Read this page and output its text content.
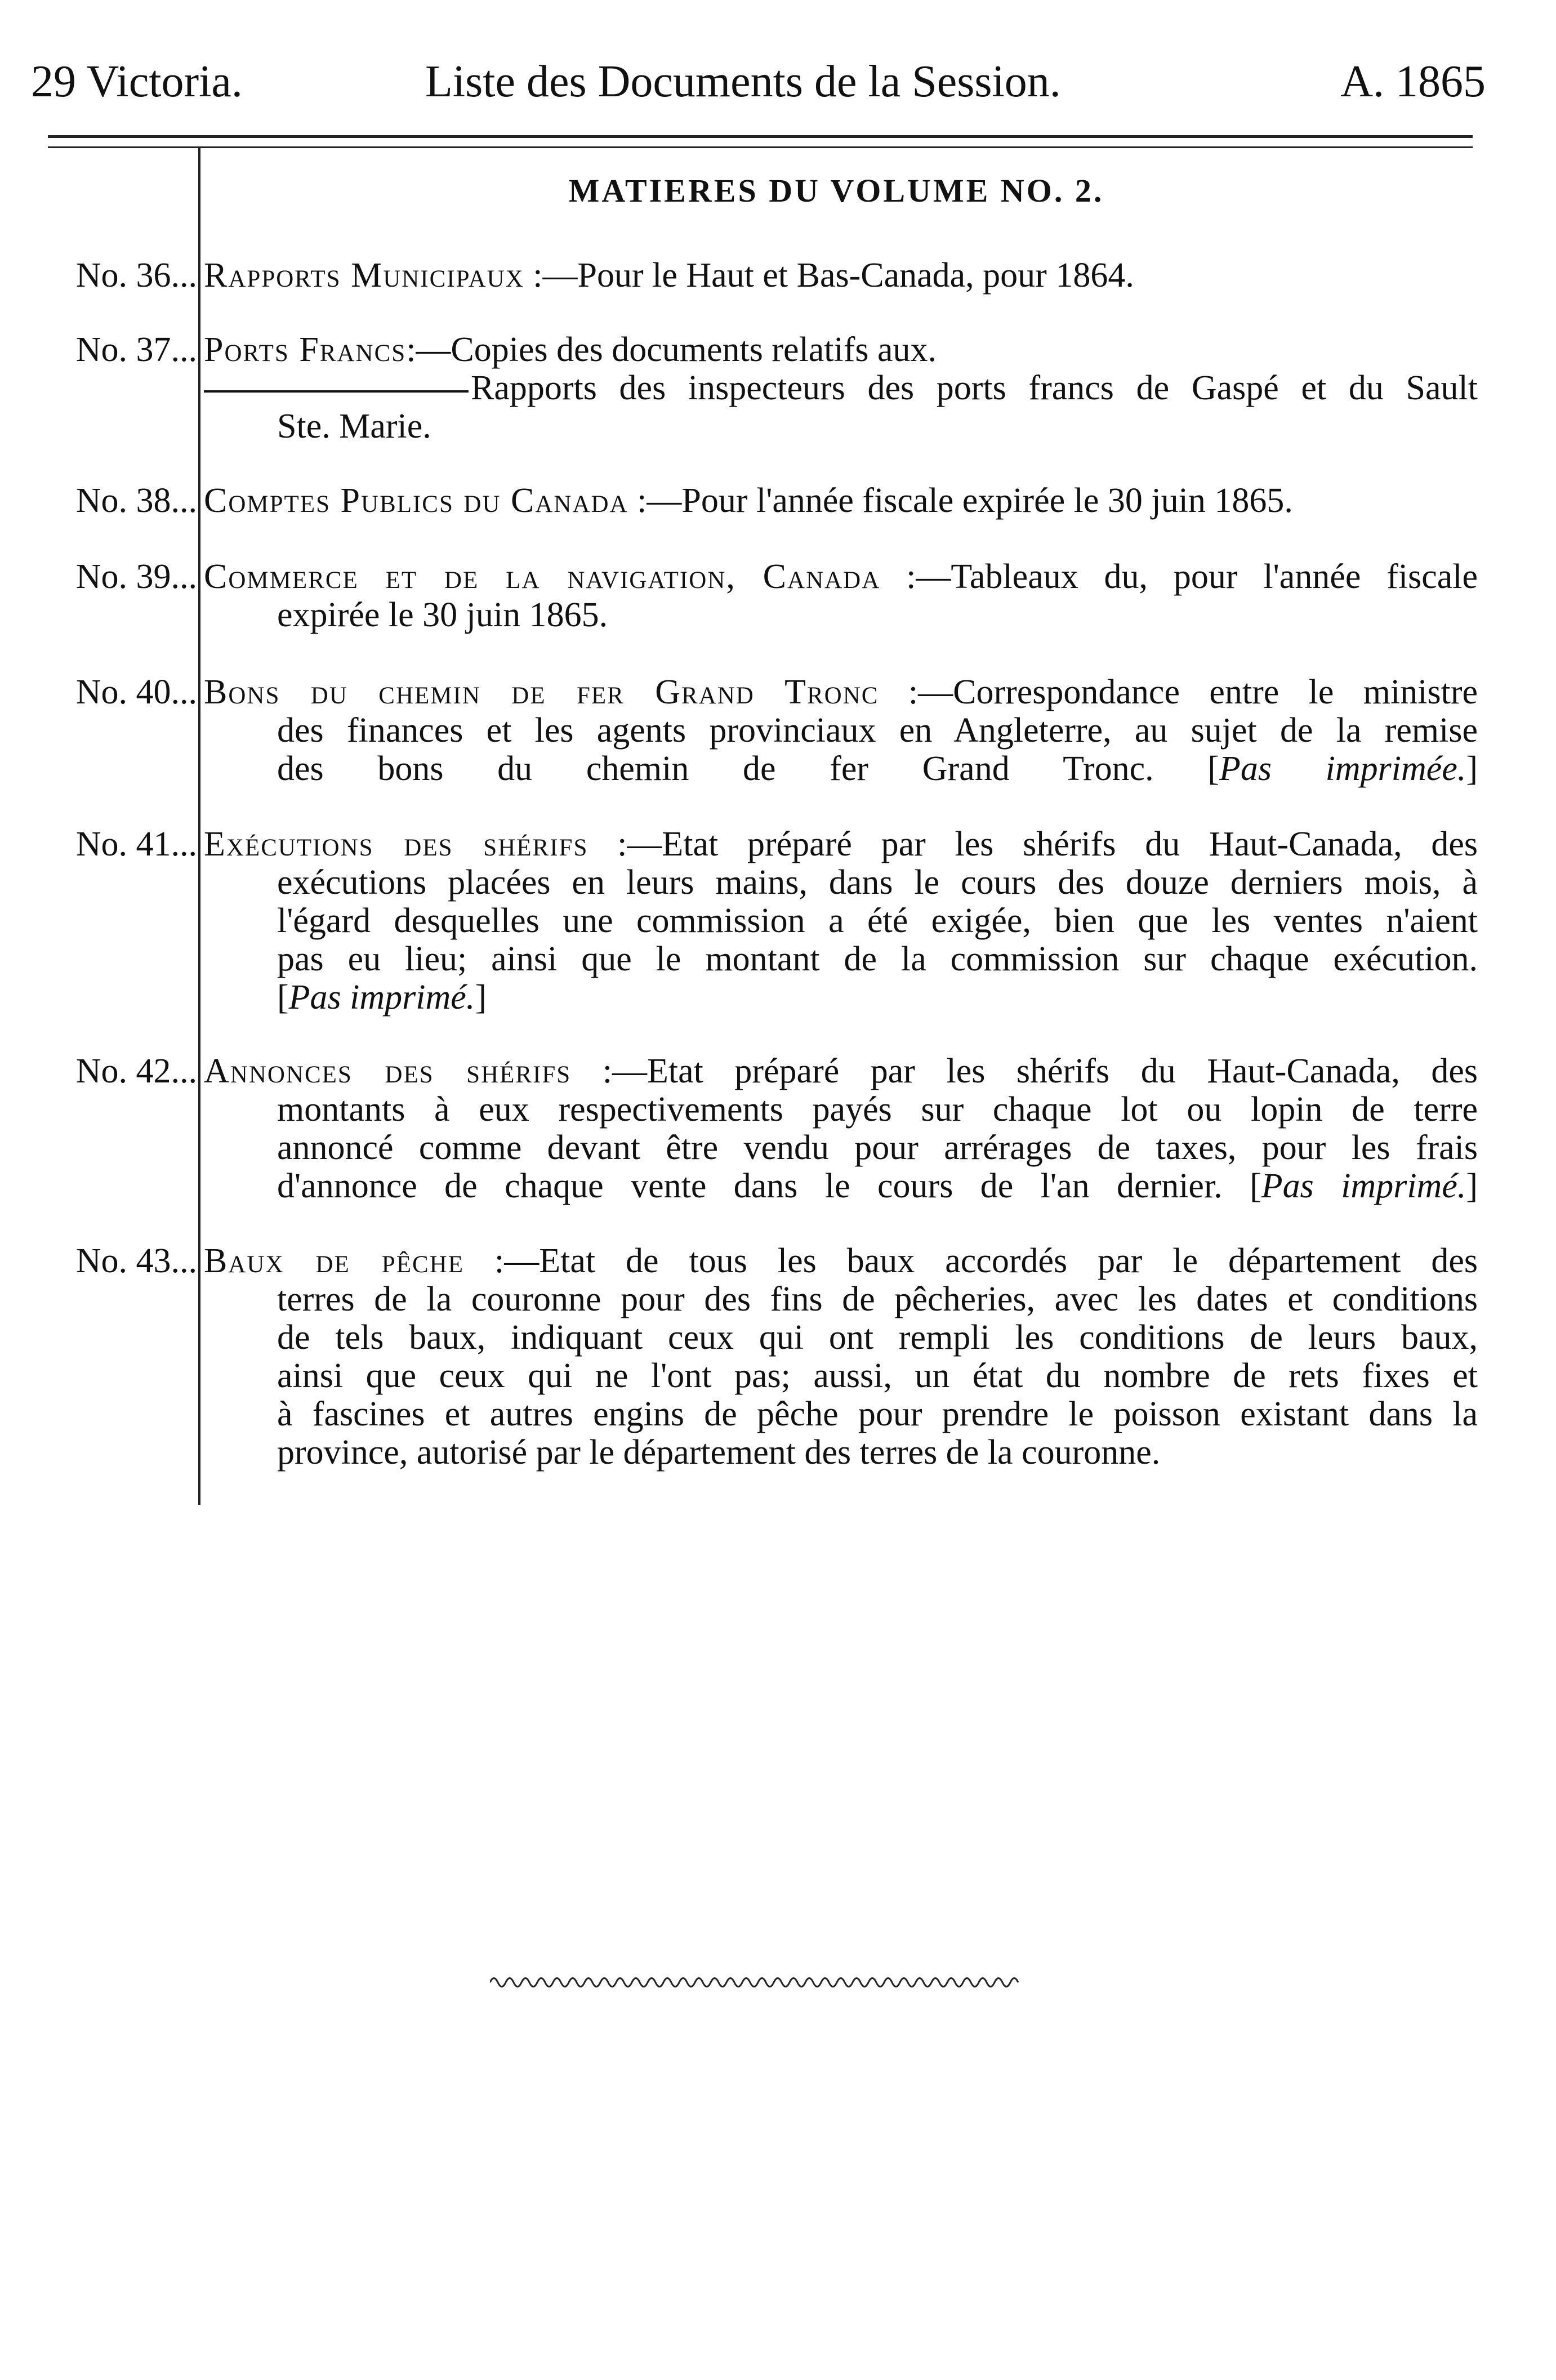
29 Victoria.	Liste des Documents de la Session.	A. 1865
MATIERES DU VOLUME NO. 2.
No. 36... Rapports Municipaux :—Pour le Haut et Bas-Canada, pour 1864.
No. 37... Ports Francs:—Copies des documents relatifs aux.
Rapports des inspecteurs des ports francs de Gaspé et du Sault
Ste. Marie.
No. 38... Comptes Publics du Canada :—Pour l'année fiscale expirée le 30 juin 1865.
No. 39... Commerce et de la navigation, Canada :—Tableaux du, pour l'année fiscale
expirée le 30 juin 1865.
No. 40... Bons du chemin de fer Grand Tronc :—Correspondance entre le ministre
des finances et les agents provinciaux en Angleterre, au sujet de la remise
des bons du chemin de fer Grand Tronc. [Pas imprimée.]
No. 41... Exécutions des shérifs :—Etat préparé par les shérifs du Haut-Canada, des
exécutions placées en leurs mains, dans le cours des douze derniers mois, à
l'égard desquelles une commission a été exigée, bien que les ventes n'aient
pas eu lieu; ainsi que le montant de la commission sur chaque exécution.
[Pas imprimé.]
No. 42... Annonces des shérifs :—Etat préparé par les shérifs du Haut-Canada, des
montants à eux respectivements payés sur chaque lot ou lopin de terre
annoncé comme devant être vendu pour arrérages de taxes, pour les frais
d'annonce de chaque vente dans le cours de l'an dernier. [Pas imprimé.]
No. 43... Baux de pêche :—Etat de tous les baux accordés par le département des
terres de la couronne pour des fins de pêcheries, avec les dates et conditions
de tels baux, indiquant ceux qui ont rempli les conditions de leurs baux,
ainsi que ceux qui ne l'ont pas; aussi, un état du nombre de rets fixes et
à fascines et autres engins de pêche pour prendre le poisson existant dans la
province, autorisé par le département des terres de la couronne.
